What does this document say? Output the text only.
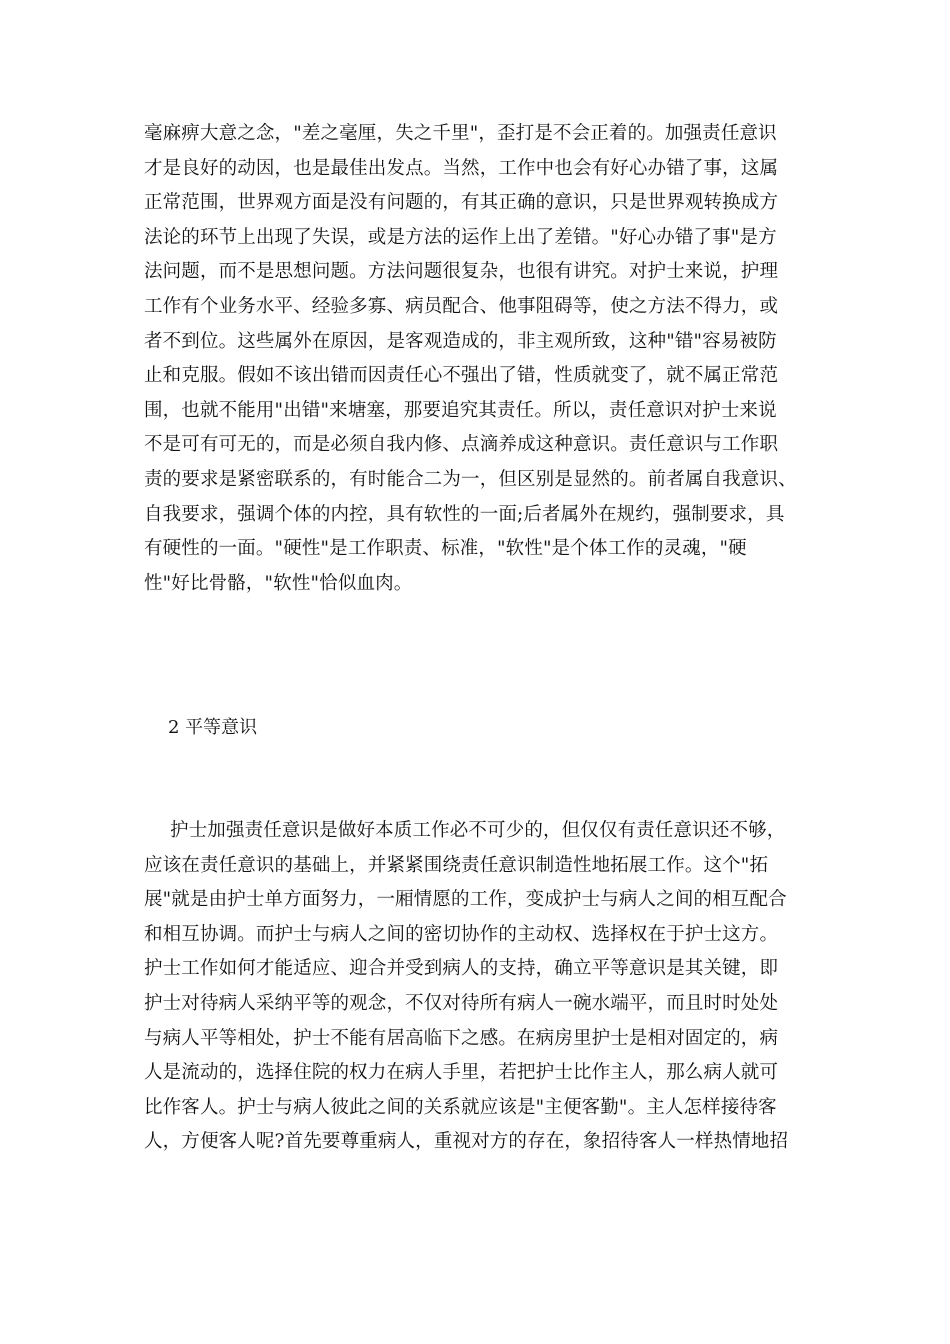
毫麻痹大意之念，"差之毫厘，失之千里"，歪打是不会正着的。加强责任意识
才是良好的动因，也是最佳出发点。当然，工作中也会有好心办错了事，这属
正常范围，世界观方面是没有问题的，有其正确的意识，只是世界观转换成方
法论的环节上出现了失误，或是方法的运作上出了差错。"好心办错了事"是方
法问题，而不是思想问题。方法问题很复杂，也很有讲究。对护士来说，护理
工作有个业务水平、经验多寡、病员配合、他事阻碍等，使之方法不得力，或
者不到位。这些属外在原因，是客观造成的，非主观所致，这种"错"容易被防
止和克服。假如不该出错而因责任心不强出了错，性质就变了，就不属正常范
围，也就不能用"出错"来塘塞，那要追究其责任。所以，责任意识对护士来说
不是可有可无的，而是必须自我内修、点滴养成这种意识。责任意识与工作职
责的要求是紧密联系的，有时能合二为一，但区别是显然的。前者属自我意识、
自我要求，强调个体的内控，具有软性的一面;后者属外在规约，强制要求，具
有硬性的一面。"硬性"是工作职责、标准，"软性"是个体工作的灵魂，"硬
性"好比骨骼，"软性"恰似血肉。
2 平等意识
护士加强责任意识是做好本质工作必不可少的，但仅仅有责任意识还不够，
应该在责任意识的基础上，并紧紧围绕责任意识制造性地拓展工作。这个"拓
展"就是由护士单方面努力，一厢情愿的工作，变成护士与病人之间的相互配合
和相互协调。而护士与病人之间的密切协作的主动权、选择权在于护士这方。
护士工作如何才能适应、迎合并受到病人的支持，确立平等意识是其关键，即
护士对待病人采纳平等的观念，不仅对待所有病人一碗水端平，而且时时处处
与病人平等相处，护士不能有居高临下之感。在病房里护士是相对固定的，病
人是流动的，选择住院的权力在病人手里，若把护士比作主人，那么病人就可
比作客人。护士与病人彼此之间的关系就应该是"主便客勤"。主人怎样接待客
人，方便客人呢?首先要尊重病人，重视对方的存在，象招待客人一样热情地招
